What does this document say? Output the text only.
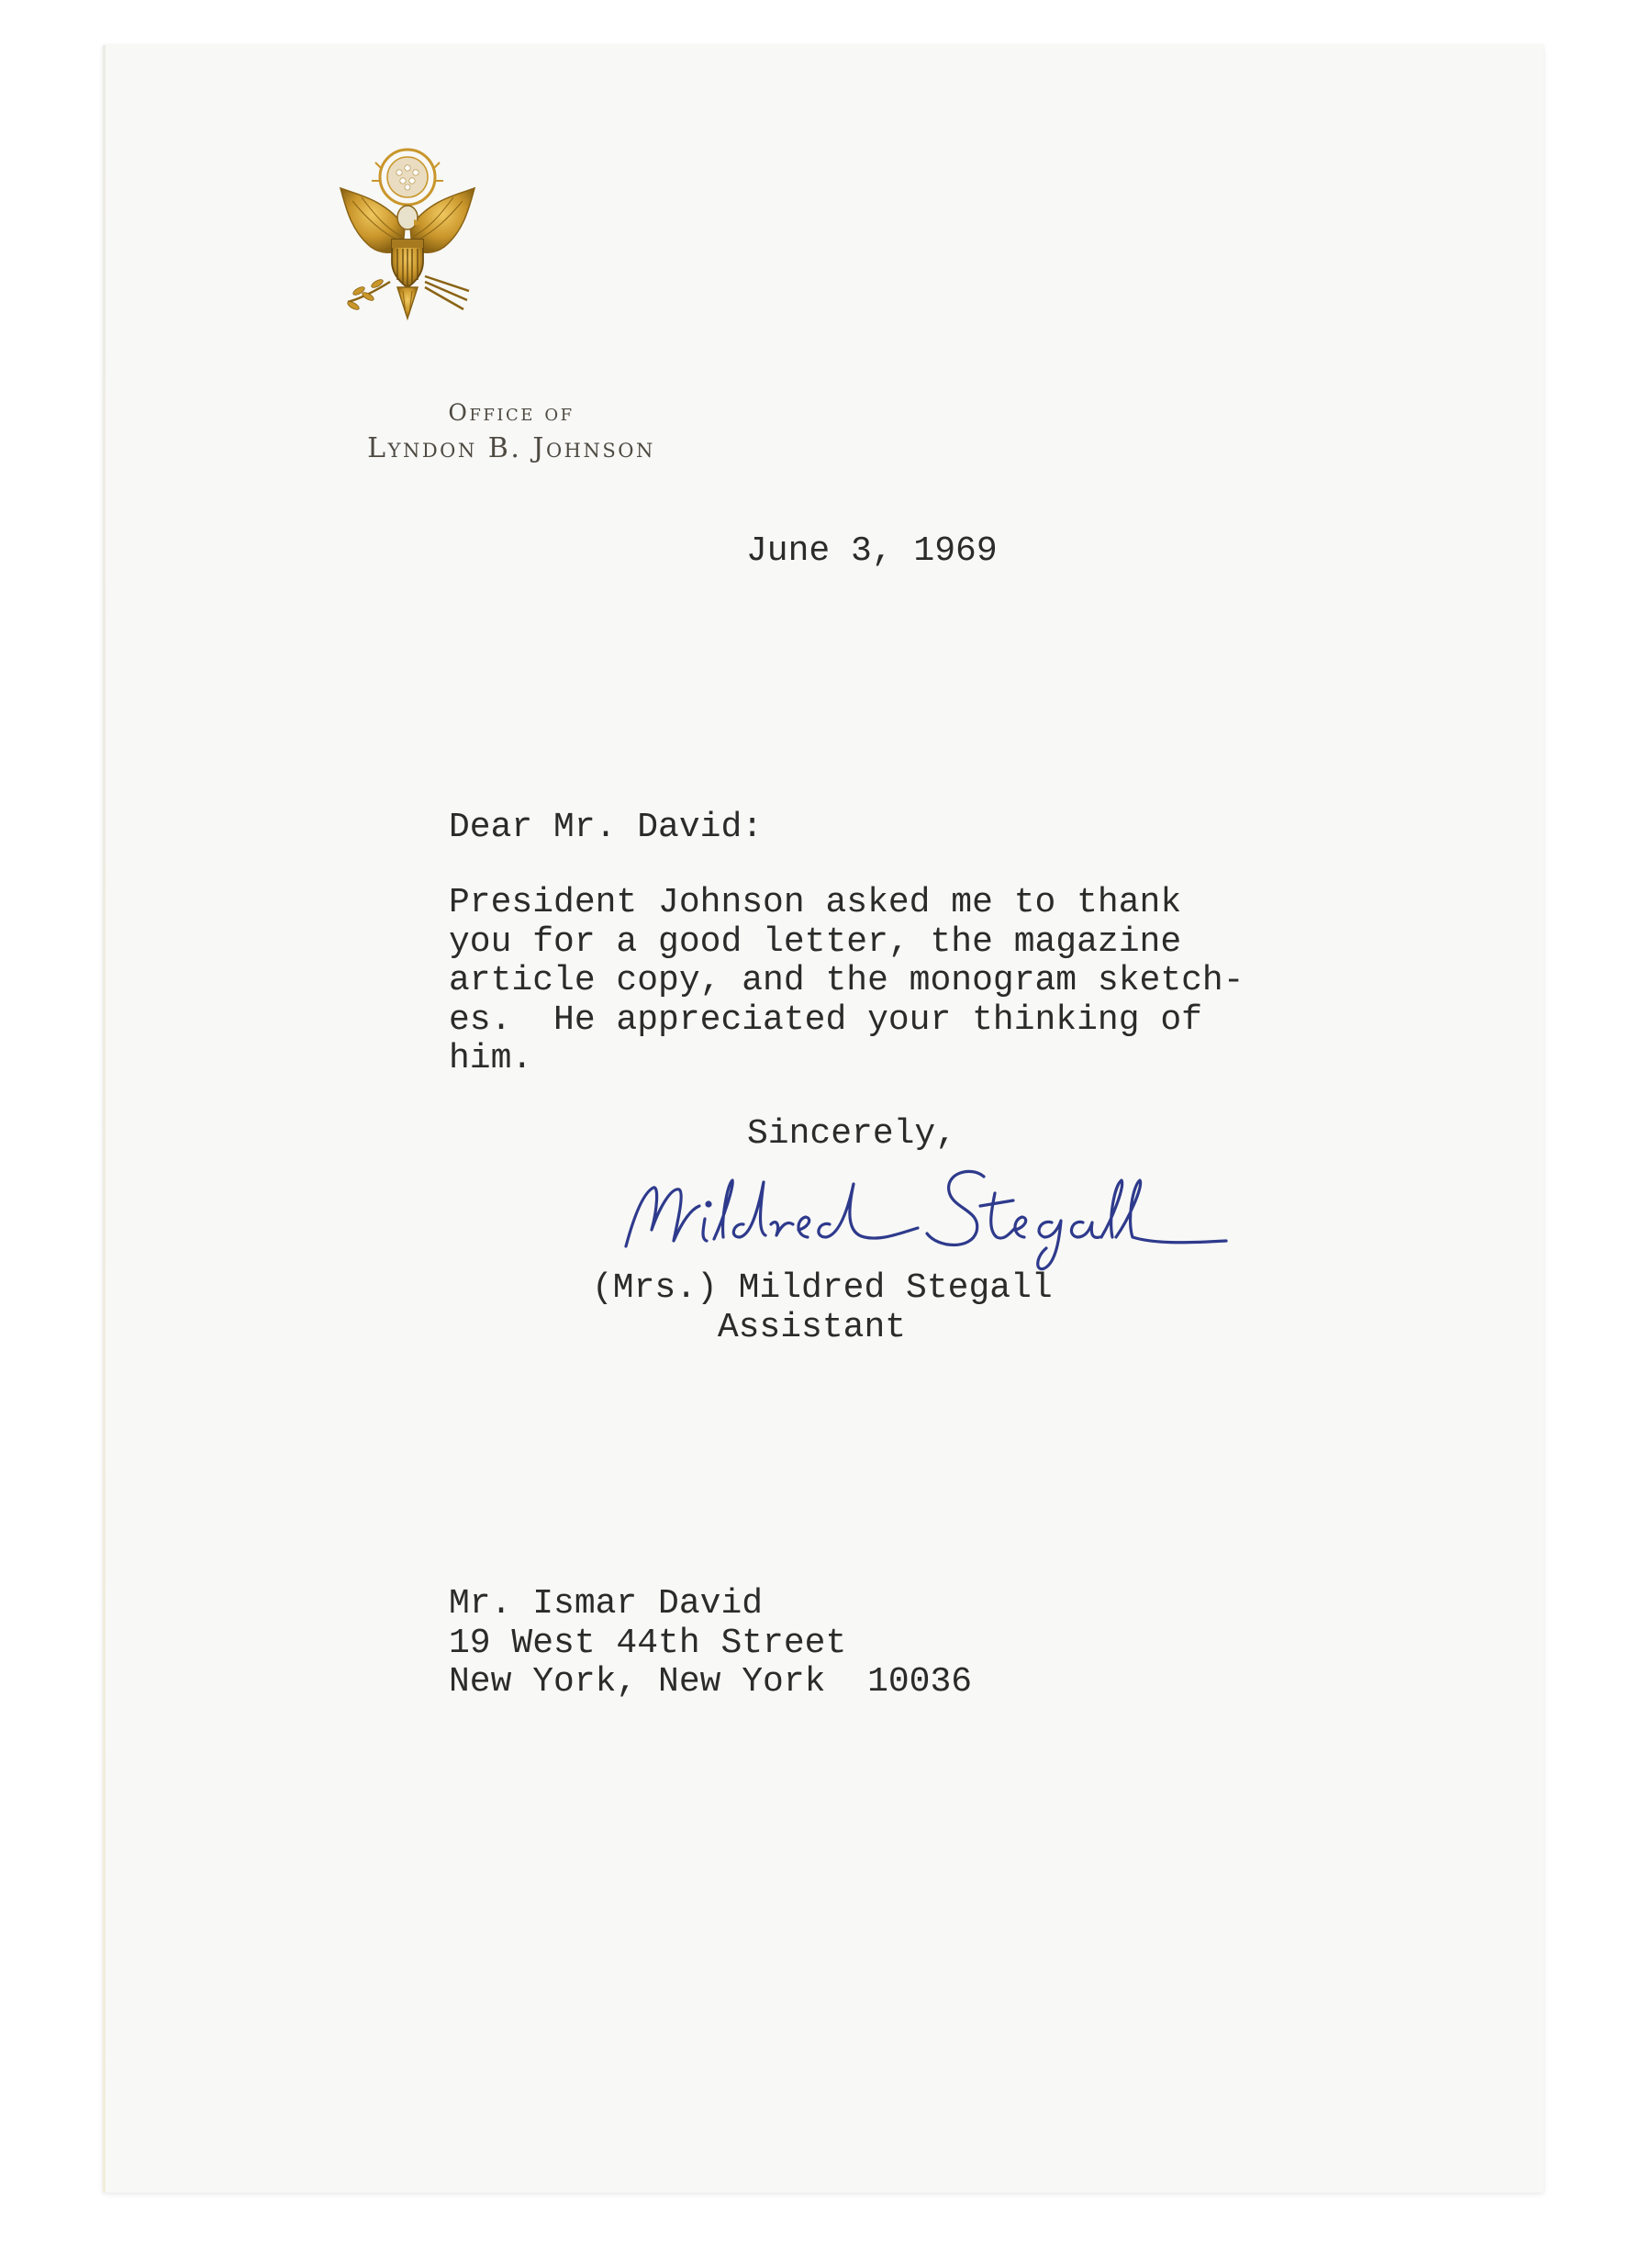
Office of
Lyndon B. Johnson

June 3, 1969

Dear Mr. David:

President Johnson asked me to thank
you for a good letter, the magazine
article copy, and the monogram sketch-
es.  He appreciated your thinking of
him.

Sincerely,

(Mrs.) Mildred Stegall
Assistant
Mr. Ismar David
19 West 44th Street
New York, New York  10036
